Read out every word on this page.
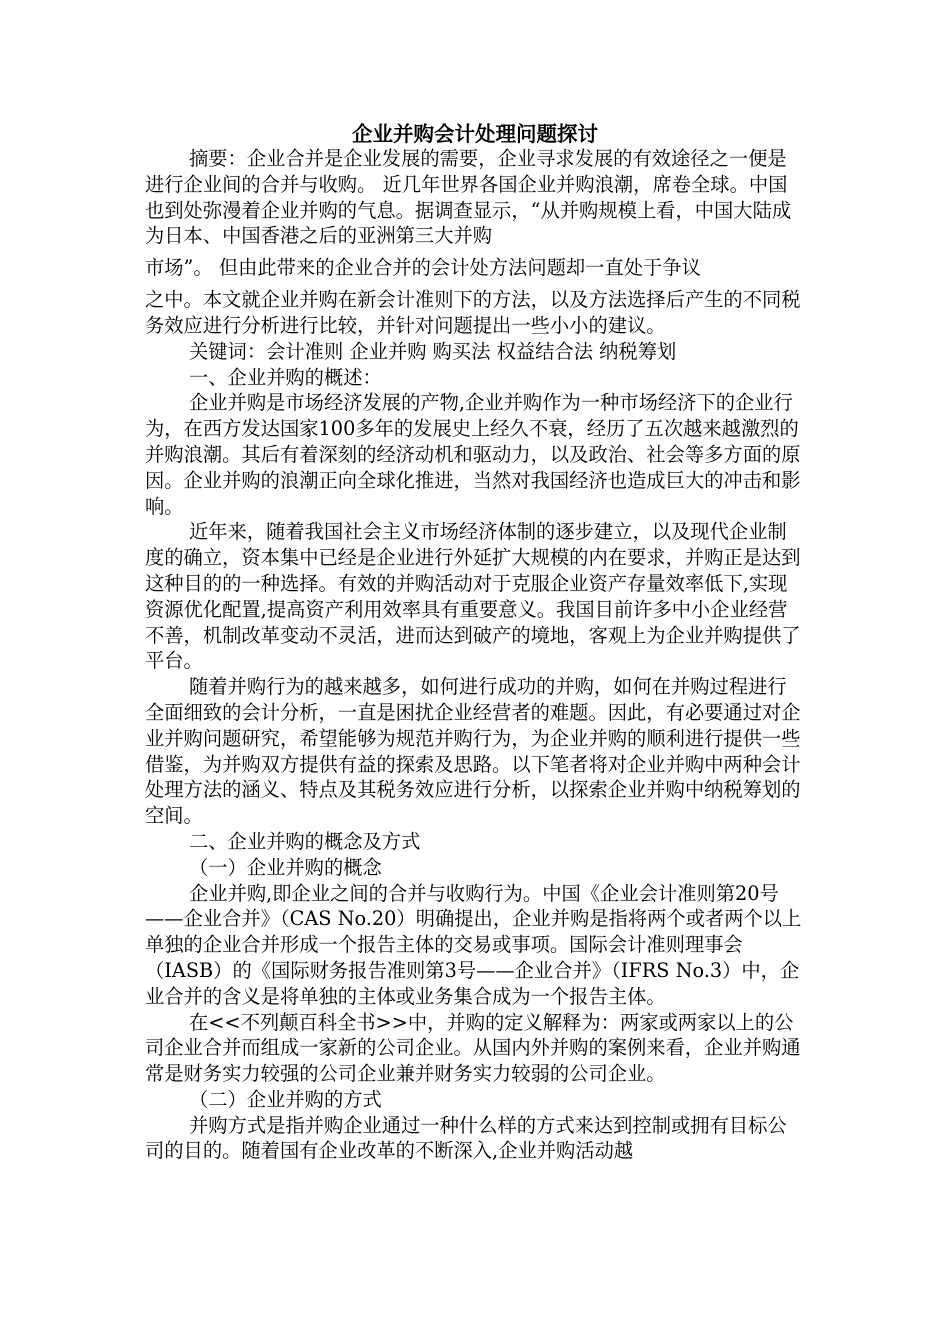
企业并购会计处理问题探讨

摘要：企业合并是企业发展的需要，企业寻求发展的有效途径之一便是进行企业间的合并与收购。 近几年世界各国企业并购浪潮，席卷全球。中国也到处弥漫着企业并购的气息。据调查显示，“从并购规模上看，中国大陆成为日本、中国香港之后的亚洲第三大并购

市场”。 但由此带来的企业合并的会计处方法问题却一直处于争议

之中。本文就企业并购在新会计准则下的方法，以及方法选择后产生的不同税务效应进行分析进行比较，并针对问题提出一些小小的建议。

关键词：会计准则 企业并购 购买法 权益结合法 纳税筹划

一、企业并购的概述：

企业并购是市场经济发展的产物,企业并购作为一种市场经济下的企业行为，在西方发达国家100多年的发展史上经久不衰，经历了五次越来越激烈的并购浪潮。其后有着深刻的经济动机和驱动力，以及政治、社会等多方面的原因。企业并购的浪潮正向全球化推进，当然对我国经济也造成巨大的冲击和影响。

近年来，随着我国社会主义市场经济体制的逐步建立，以及现代企业制度的确立，资本集中已经是企业进行外延扩大规模的内在要求，并购正是达到这种目的的一种选择。有效的并购活动对于克服企业资产存量效率低下,实现资源优化配置,提高资产利用效率具有重要意义。我国目前许多中小企业经营不善，机制改革变动不灵活，进而达到破产的境地，客观上为企业并购提供了平台。

随着并购行为的越来越多，如何进行成功的并购，如何在并购过程进行全面细致的会计分析，一直是困扰企业经营者的难题。因此，有必要通过对企业并购问题研究，希望能够为规范并购行为，为企业并购的顺利进行提供一些借鉴，为并购双方提供有益的探索及思路。以下笔者将对企业并购中两种会计处理方法的涵义、特点及其税务效应进行分析，以探索企业并购中纳税筹划的空间。

二、企业并购的概念及方式

（一）企业并购的概念

企业并购,即企业之间的合并与收购行为。中国《企业会计准则第20号——企业合并》（CAS No.20）明确提出，企业并购是指将两个或者两个以上单独的企业合并形成一个报告主体的交易或事项。国际会计准则理事会（IASB）的《国际财务报告准则第3号——企业合并》（IFRS No.3）中，企业合并的含义是将单独的主体或业务集合成为一个报告主体。

在<<不列颠百科全书>>中，并购的定义解释为：两家或两家以上的公司企业合并而组成一家新的公司企业。从国内外并购的案例来看，企业并购通常是财务实力较强的公司企业兼并财务实力较弱的公司企业。

（二）企业并购的方式

并购方式是指并购企业通过一种什么样的方式来达到控制或拥有目标公司的目的。随着国有企业改革的不断深入,企业并购活动越
